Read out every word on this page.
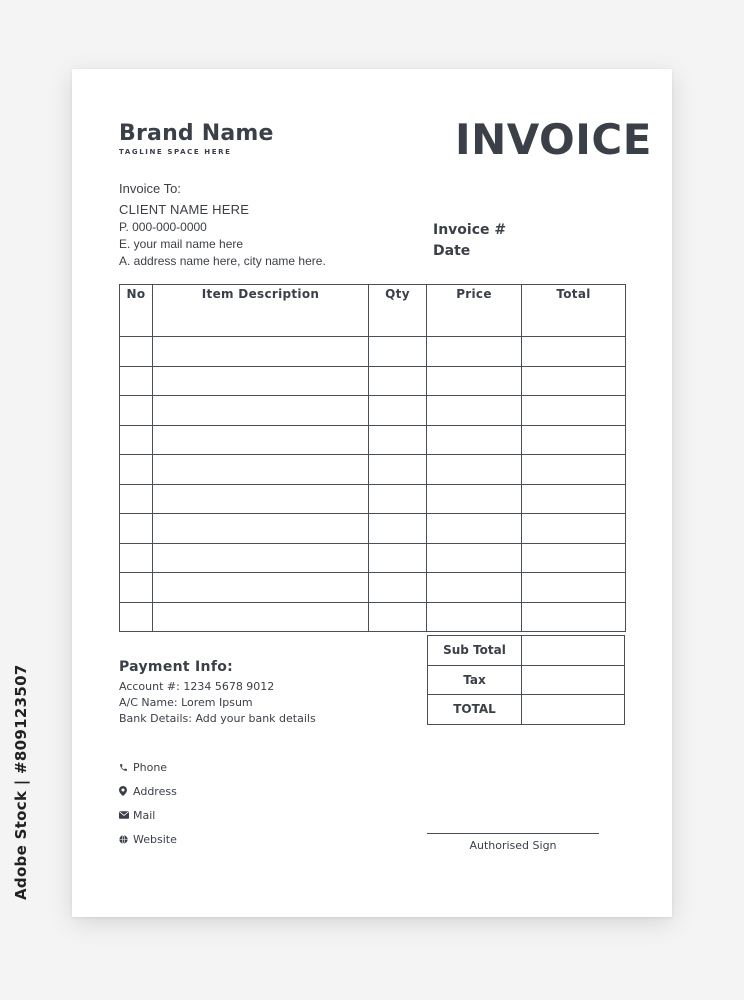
Brand Name
TAGLINE SPACE HERE	INVOICE
Invoice To:
CLIENT NAME HERE
P. 000-000-0000
E. your mail name here
A. address name here, city name here.
Invoice #
Date
No	Item Description	Qty	Price	Total

Sub Total	
Tax	
TOTAL	
Payment Info:
Account #: 1234 5678 9012
A/C Name: Lorem Ipsum
Bank Details: Add your bank details
Phone
Address
Mail
Website	Authorised Sign
Adobe Stock | #809123507
